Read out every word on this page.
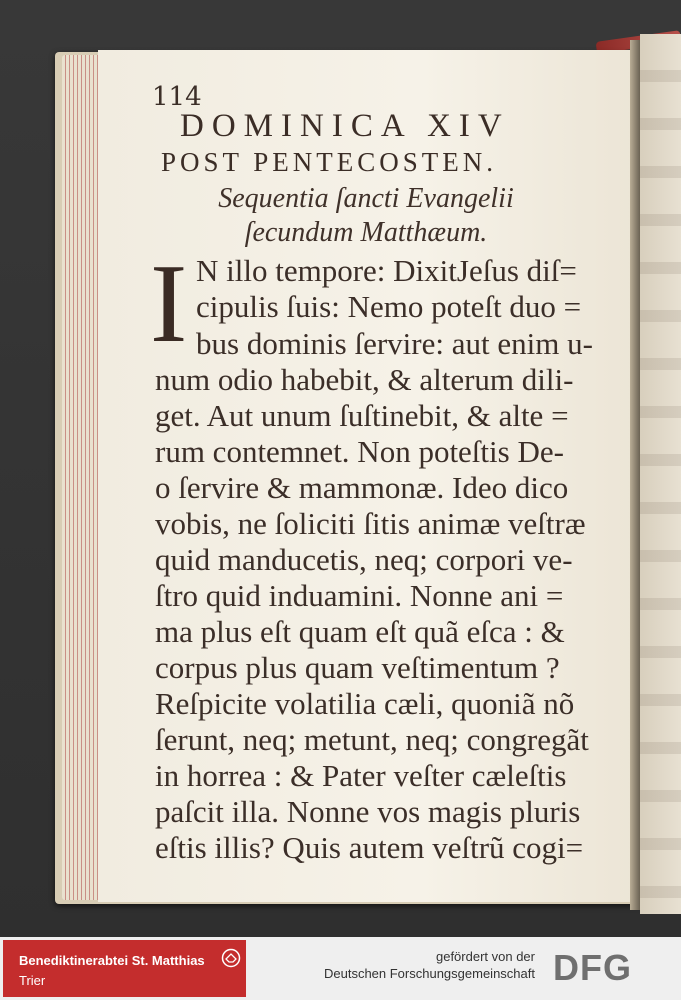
114
DOMINICA XIV
POST PENTECOSTEN.
Sequentia ſancti Evangelii ſecundum Matthæum.
I N illo tempore: DixitJeſus diſ=
cipulis ſuis: Nemo poteſt duo =
bus dominis ſervire: aut enim u-
num odio habebit, & alterum dili-
get. Aut unum ſuſtinebit, & alte =
rum contemnet. Non poteſtis De-
o ſervire & mammonæ. Ideo dico
vobis, ne ſoliciti ſitis animæ veſtræ
quid manducetis, neq; corpori ve-
ſtro quid induamini. Nonne ani =
ma plus eſt quam eſt quã eſca : &
corpus plus quam veſtimentum ?
Reſpicite volatilia cæli, quoniã nõ
ſerunt, neq; metunt, neq; congregãt
in horrea : & Pater veſter cæleſtis
paſcit illa. Nonne vos magis pluris
eſtis illis? Quis autem veſtrũ cogi=
Benediktinerabtei St. Matthias
Trier
gefördert von der
Deutschen Forschungsgemeinschaft DFG
